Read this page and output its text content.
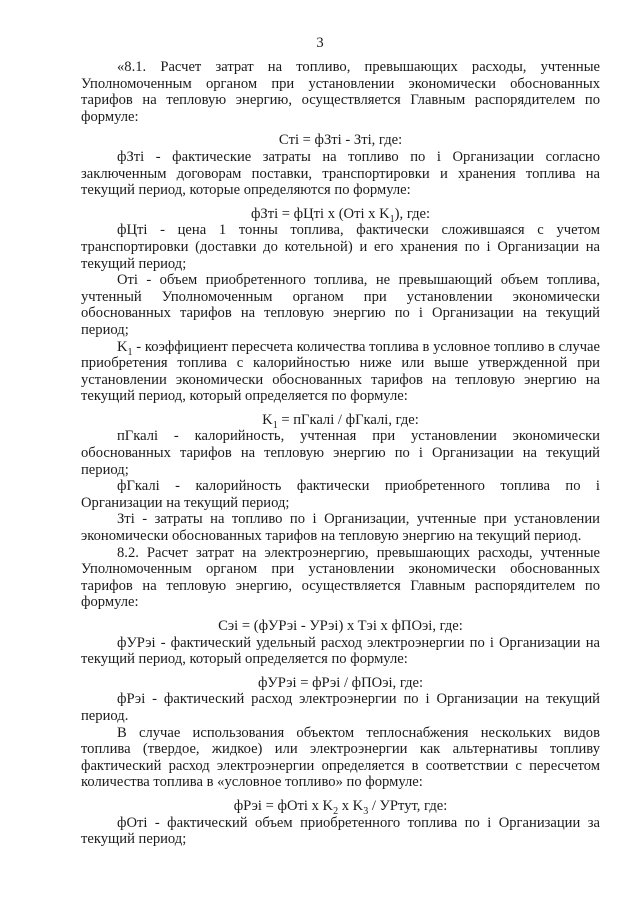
3

«8.1. Расчет затрат на топливо, превышающих расходы, учтенные Уполномоченным органом при установлении экономически обоснованных тарифов на тепловую энергию, осуществляется Главным распорядителем по формуле:

Cтi = фЗтi - Зтi, где:

фЗтi - фактические затраты на топливо по i Организации согласно заключенным договорам поставки, транспортировки и хранения топлива на текущий период, которые определяются по формуле:

фЗтi = фЦтi x (Oтi x $K_1$), где:

фЦтi - цена 1 тонны топлива, фактически сложившаяся с учетом транспортировки (доставки до котельной) и его хранения по i Организации на текущий период;

Oтi - объем приобретенного топлива, не превышающий объем топлива, учтенный Уполномоченным органом при установлении экономически обоснованных тарифов на тепловую энергию по i Организации на текущий период;

$K_1$ - коэффициент пересчета количества топлива в условное топливо в случае приобретения топлива с калорийностью ниже или выше утвержденной при установлении экономически обоснованных тарифов на тепловую энергию на текущий период, который определяется по формуле:

$K_1$ = пГкалi / фГкалi, где:

пГкалi - калорийность, учтенная при установлении экономически обоснованных тарифов на тепловую энергию по i Организации на текущий период;

фГкалi - калорийность фактически приобретенного топлива по i Организации на текущий период;

Зтi - затраты на топливо по i Организации, учтенные при установлении экономически обоснованных тарифов на тепловую энергию на текущий период.

8.2. Расчет затрат на электроэнергию, превышающих расходы, учтенные Уполномоченным органом при установлении экономически обоснованных тарифов на тепловую энергию, осуществляется Главным распорядителем по формуле:

Cэi = (фУРэi - УРэi) x Tэi x фПОэi, где:

фУРэi - фактический удельный расход электроэнергии по i Организации на текущий период, который определяется по формуле:

фУРэi = фРэi / фПОэi, где:

фРэi - фактический расход электроэнергии по i Организации на текущий период.

В случае использования объектом теплоснабжения нескольких видов топлива (твердое, жидкое) или электроэнергии как альтернативы топливу фактический расход электроэнергии определяется в соответствии с пересчетом количества топлива в «условное топливо» по формуле:

фРэi = фOтi x $K_2$ x $K_3$ / УРтут, где:

фOтi - фактический объем приобретенного топлива по i Организации за текущий период;
